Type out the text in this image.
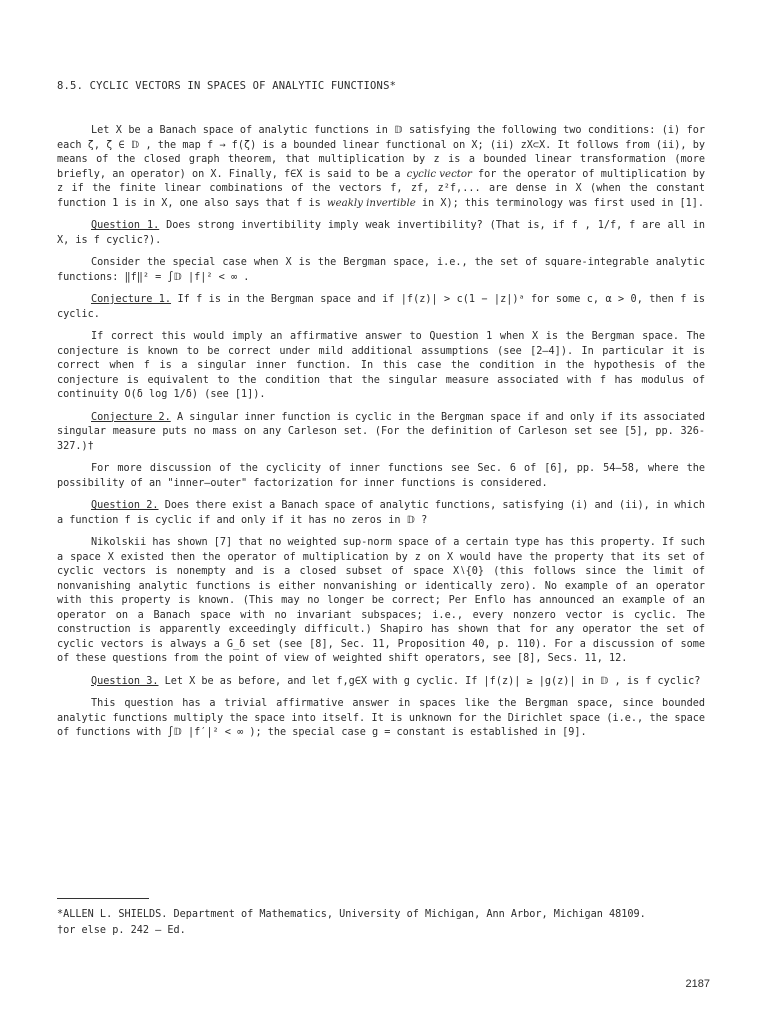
8.5. CYCLIC VECTORS IN SPACES OF ANALYTIC FUNCTIONS*

Let X be a Banach space of analytic functions in 𝔻 satisfying the following two conditions: (i) for each ζ, ζ ∈ 𝔻 , the map f → f(ζ) is a bounded linear functional on X; (ii) zX⊂X. It follows from (ii), by means of the closed graph theorem, that multiplication by z is a bounded linear transformation (more briefly, an operator) on X. Finally, f∈X is said to be a cyclic vector for the operator of multiplication by z if the finite linear combinations of the vectors f, zf, z²f,... are dense in X (when the constant function 1 is in X, one also says that f is weakly invertible in X); this terminology was first used in [1].

Question 1. Does strong invertibility imply weak invertibility? (That is, if f , 1/f, f are all in X, is f cyclic?).

Consider the special case when X is the Bergman space, i.e., the set of square-integrable analytic functions: ‖f‖² = ∫𝔻 |f|² < ∞ .

Conjecture 1. If f is in the Bergman space and if |f(z)| > c(1 − |z|)ᵃ for some c, α > 0, then f is cyclic.

If correct this would imply an affirmative answer to Question 1 when X is the Bergman space. The conjecture is known to be correct under mild additional assumptions (see [2–4]). In particular it is correct when f is a singular inner function. In this case the condition in the hypothesis of the conjecture is equivalent to the condition that the singular measure associated with f has modulus of continuity O(δ log 1/δ) (see [1]).

Conjecture 2. A singular inner function is cyclic in the Bergman space if and only if its associated singular measure puts no mass on any Carleson set. (For the definition of Carleson set see [5], pp. 326-327.)†

For more discussion of the cyclicity of inner functions see Sec. 6 of [6], pp. 54–58, where the possibility of an "inner–outer" factorization for inner functions is considered.

Question 2. Does there exist a Banach space of analytic functions, satisfying (i) and (ii), in which a function f is cyclic if and only if it has no zeros in 𝔻 ?

Nikolskii has shown [7] that no weighted sup-norm space of a certain type has this property. If such a space X existed then the operator of multiplication by z on X would have the property that its set of cyclic vectors is nonempty and is a closed subset of space X∖{0} (this follows since the limit of nonvanishing analytic functions is either nonvanishing or identically zero). No example of an operator with this property is known. (This may no longer be correct; Per Enflo has announced an example of an operator on a Banach space with no invariant subspaces; i.e., every nonzero vector is cyclic. The construction is apparently exceedingly difficult.) Shapiro has shown that for any operator the set of cyclic vectors is always a G_δ set (see [8], Sec. 11, Proposition 40, p. 110). For a discussion of some of these questions from the point of view of weighted shift operators, see [8], Secs. 11, 12.

Question 3. Let X be as before, and let f,g∈X with g cyclic. If |f(z)| ≥ |g(z)| in 𝔻 , is f cyclic?

This question has a trivial affirmative answer in spaces like the Bergman space, since bounded analytic functions multiply the space into itself. It is unknown for the Dirichlet space (i.e., the space of functions with ∫𝔻 |f′|² < ∞ ); the special case g = constant is established in [9].

*ALLEN L. SHIELDS. Department of Mathematics, University of Michigan, Ann Arbor, Michigan 48109.

†or else p. 242 — Ed.

2187
